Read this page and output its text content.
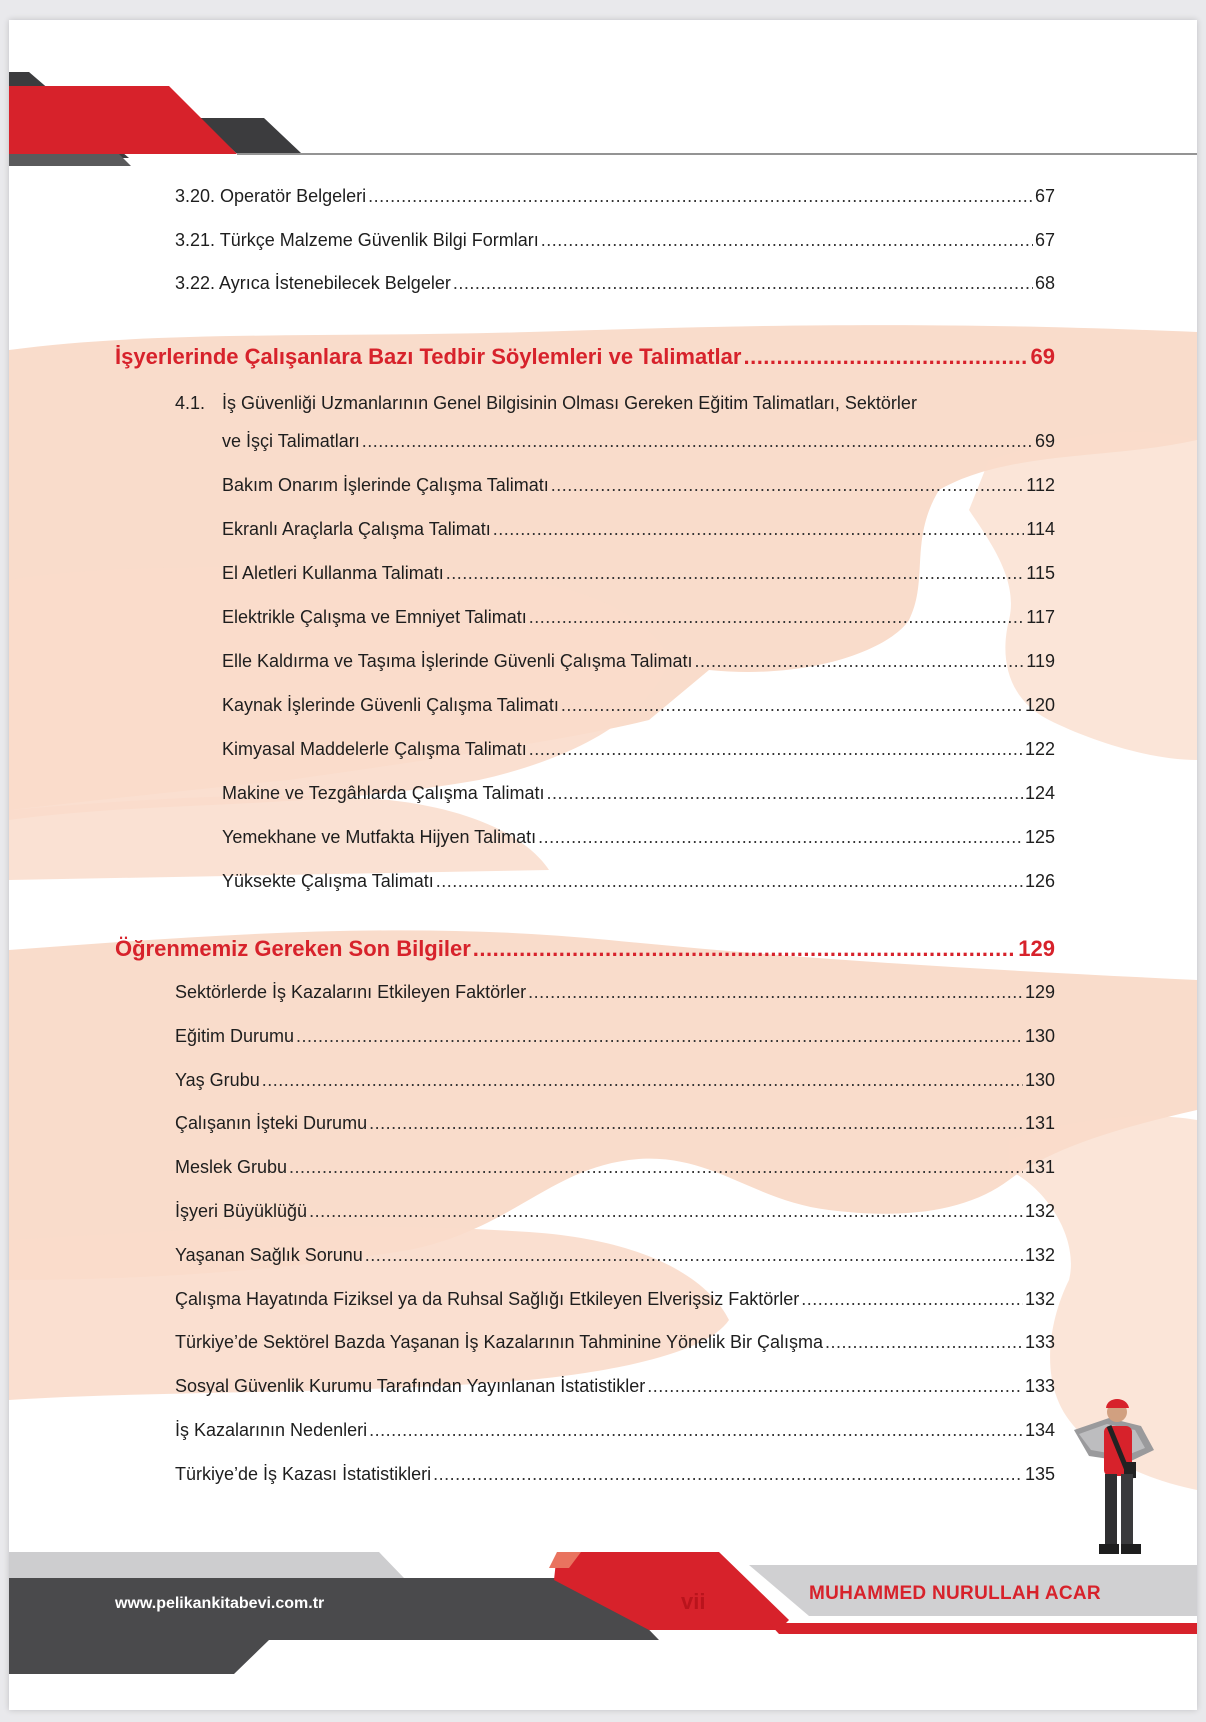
3.20. Operatör Belgeleri .....	67
3.21. Türkçe Malzeme Güvenlik Bilgi Formları .....	67
3.22. Ayrıca İstenebilecek Belgeler .....	68
İşyerlerinde Çalışanlara Bazı Tedbir Söylemleri ve Talimatlar .....	69
4.1. İş Güvenliği Uzmanlarının Genel Bilgisinin Olması Gereken Eğitim Talimatları, Sektörler
ve İşçi Talimatları .....	69
Bakım Onarım İşlerinde Çalışma Talimatı .....	112
Ekranlı Araçlarla Çalışma Talimatı .....	114
El Aletleri Kullanma Talimatı .....	115
Elektrikle Çalışma ve Emniyet Talimatı .....	117
Elle Kaldırma ve Taşıma İşlerinde Güvenli Çalışma Talimatı .....	119
Kaynak İşlerinde Güvenli Çalışma Talimatı .....	120
Kimyasal Maddelerle Çalışma Talimatı .....	122
Makine ve Tezgâhlarda Çalışma Talimatı .....	124
Yemekhane ve Mutfakta Hijyen Talimatı .....	125
Yüksekte Çalışma Talimatı .....	126
Öğrenmemiz Gereken Son Bilgiler .....	129
Sektörlerde İş Kazalarını Etkileyen Faktörler .....	129
Eğitim Durumu .....	130
Yaş Grubu .....	130
Çalışanın İşteki Durumu .....	131
Meslek Grubu .....	131
İşyeri Büyüklüğü .....	132
Yaşanan Sağlık Sorunu .....	132
Çalışma Hayatında Fiziksel ya da Ruhsal Sağlığı Etkileyen Elverişsiz Faktörler .....	132
Türkiye’de Sektörel Bazda Yaşanan İş Kazalarının Tahminine Yönelik Bir Çalışma .....	133
Sosyal Güvenlik Kurumu Tarafından Yayınlanan İstatistikler .....	133
İş Kazalarının Nedenleri .....	134
Türkiye’de İş Kazası İstatistikleri .....	135
www.pelikankitabevi.com.tr	vii	MUHAMMED NURULLAH ACAR
